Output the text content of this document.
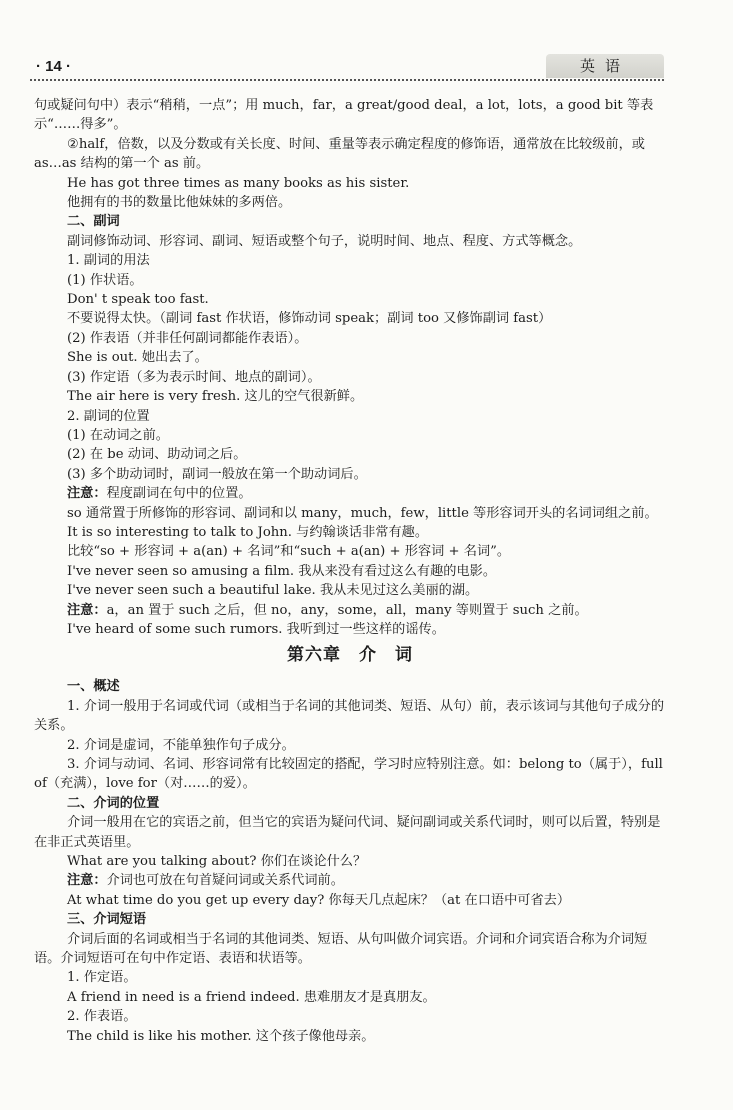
· 14 ·	英语

句或疑问句中）表示“稍稍，一点”；用 much，far，a great/good deal，a lot，lots，a good bit 等表示“……得多”。

②half，倍数，以及分数或有关长度、时间、重量等表示确定程度的修饰语，通常放在比较级前，或 as…as 结构的第一个 as 前。

He has got three times as many books as his sister.

他拥有的书的数量比他妹妹的多两倍。

二、副词

副词修饰动词、形容词、副词、短语或整个句子，说明时间、地点、程度、方式等概念。

1. 副词的用法

(1) 作状语。

Don' t speak too fast.

不要说得太快。（副词 fast 作状语，修饰动词 speak；副词 too 又修饰副词 fast）

(2) 作表语（并非任何副词都能作表语）。

She is out. 她出去了。

(3) 作定语（多为表示时间、地点的副词）。

The air here is very fresh. 这儿的空气很新鲜。

2. 副词的位置

(1) 在动词之前。

(2) 在 be 动词、助动词之后。

(3) 多个助动词时，副词一般放在第一个助动词后。

注意：程度副词在句中的位置。

so 通常置于所修饰的形容词、副词和以 many，much，few，little 等形容词开头的名词词组之前。

It is so interesting to talk to John. 与约翰谈话非常有趣。

比较“so + 形容词 + a(an) + 名词”和“such + a(an) + 形容词 + 名词”。

I've never seen so amusing a film. 我从来没有看过这么有趣的电影。

I've never seen such a beautiful lake. 我从未见过这么美丽的湖。

注意：a，an 置于 such 之后，但 no，any，some，all，many 等则置于 such 之前。

I've heard of some such rumors. 我听到过一些这样的谣传。

第六章　介　词

一、概述

1. 介词一般用于名词或代词（或相当于名词的其他词类、短语、从句）前，表示该词与其他句子成分的关系。

2. 介词是虚词，不能单独作句子成分。

3. 介词与动词、名词、形容词常有比较固定的搭配，学习时应特别注意。如：belong to（属于），full of（充满），love for（对……的爱）。

二、介词的位置

介词一般用在它的宾语之前，但当它的宾语为疑问代词、疑问副词或关系代词时，则可以后置，特别是在非正式英语里。

What are you talking about? 你们在谈论什么？

注意：介词也可放在句首疑问词或关系代词前。

At what time do you get up every day? 你每天几点起床？（at 在口语中可省去）

三、介词短语

介词后面的名词或相当于名词的其他词类、短语、从句叫做介词宾语。介词和介词宾语合称为介词短语。介词短语可在句中作定语、表语和状语等。

1. 作定语。

A friend in need is a friend indeed. 患难朋友才是真朋友。

2. 作表语。

The child is like his mother. 这个孩子像他母亲。
